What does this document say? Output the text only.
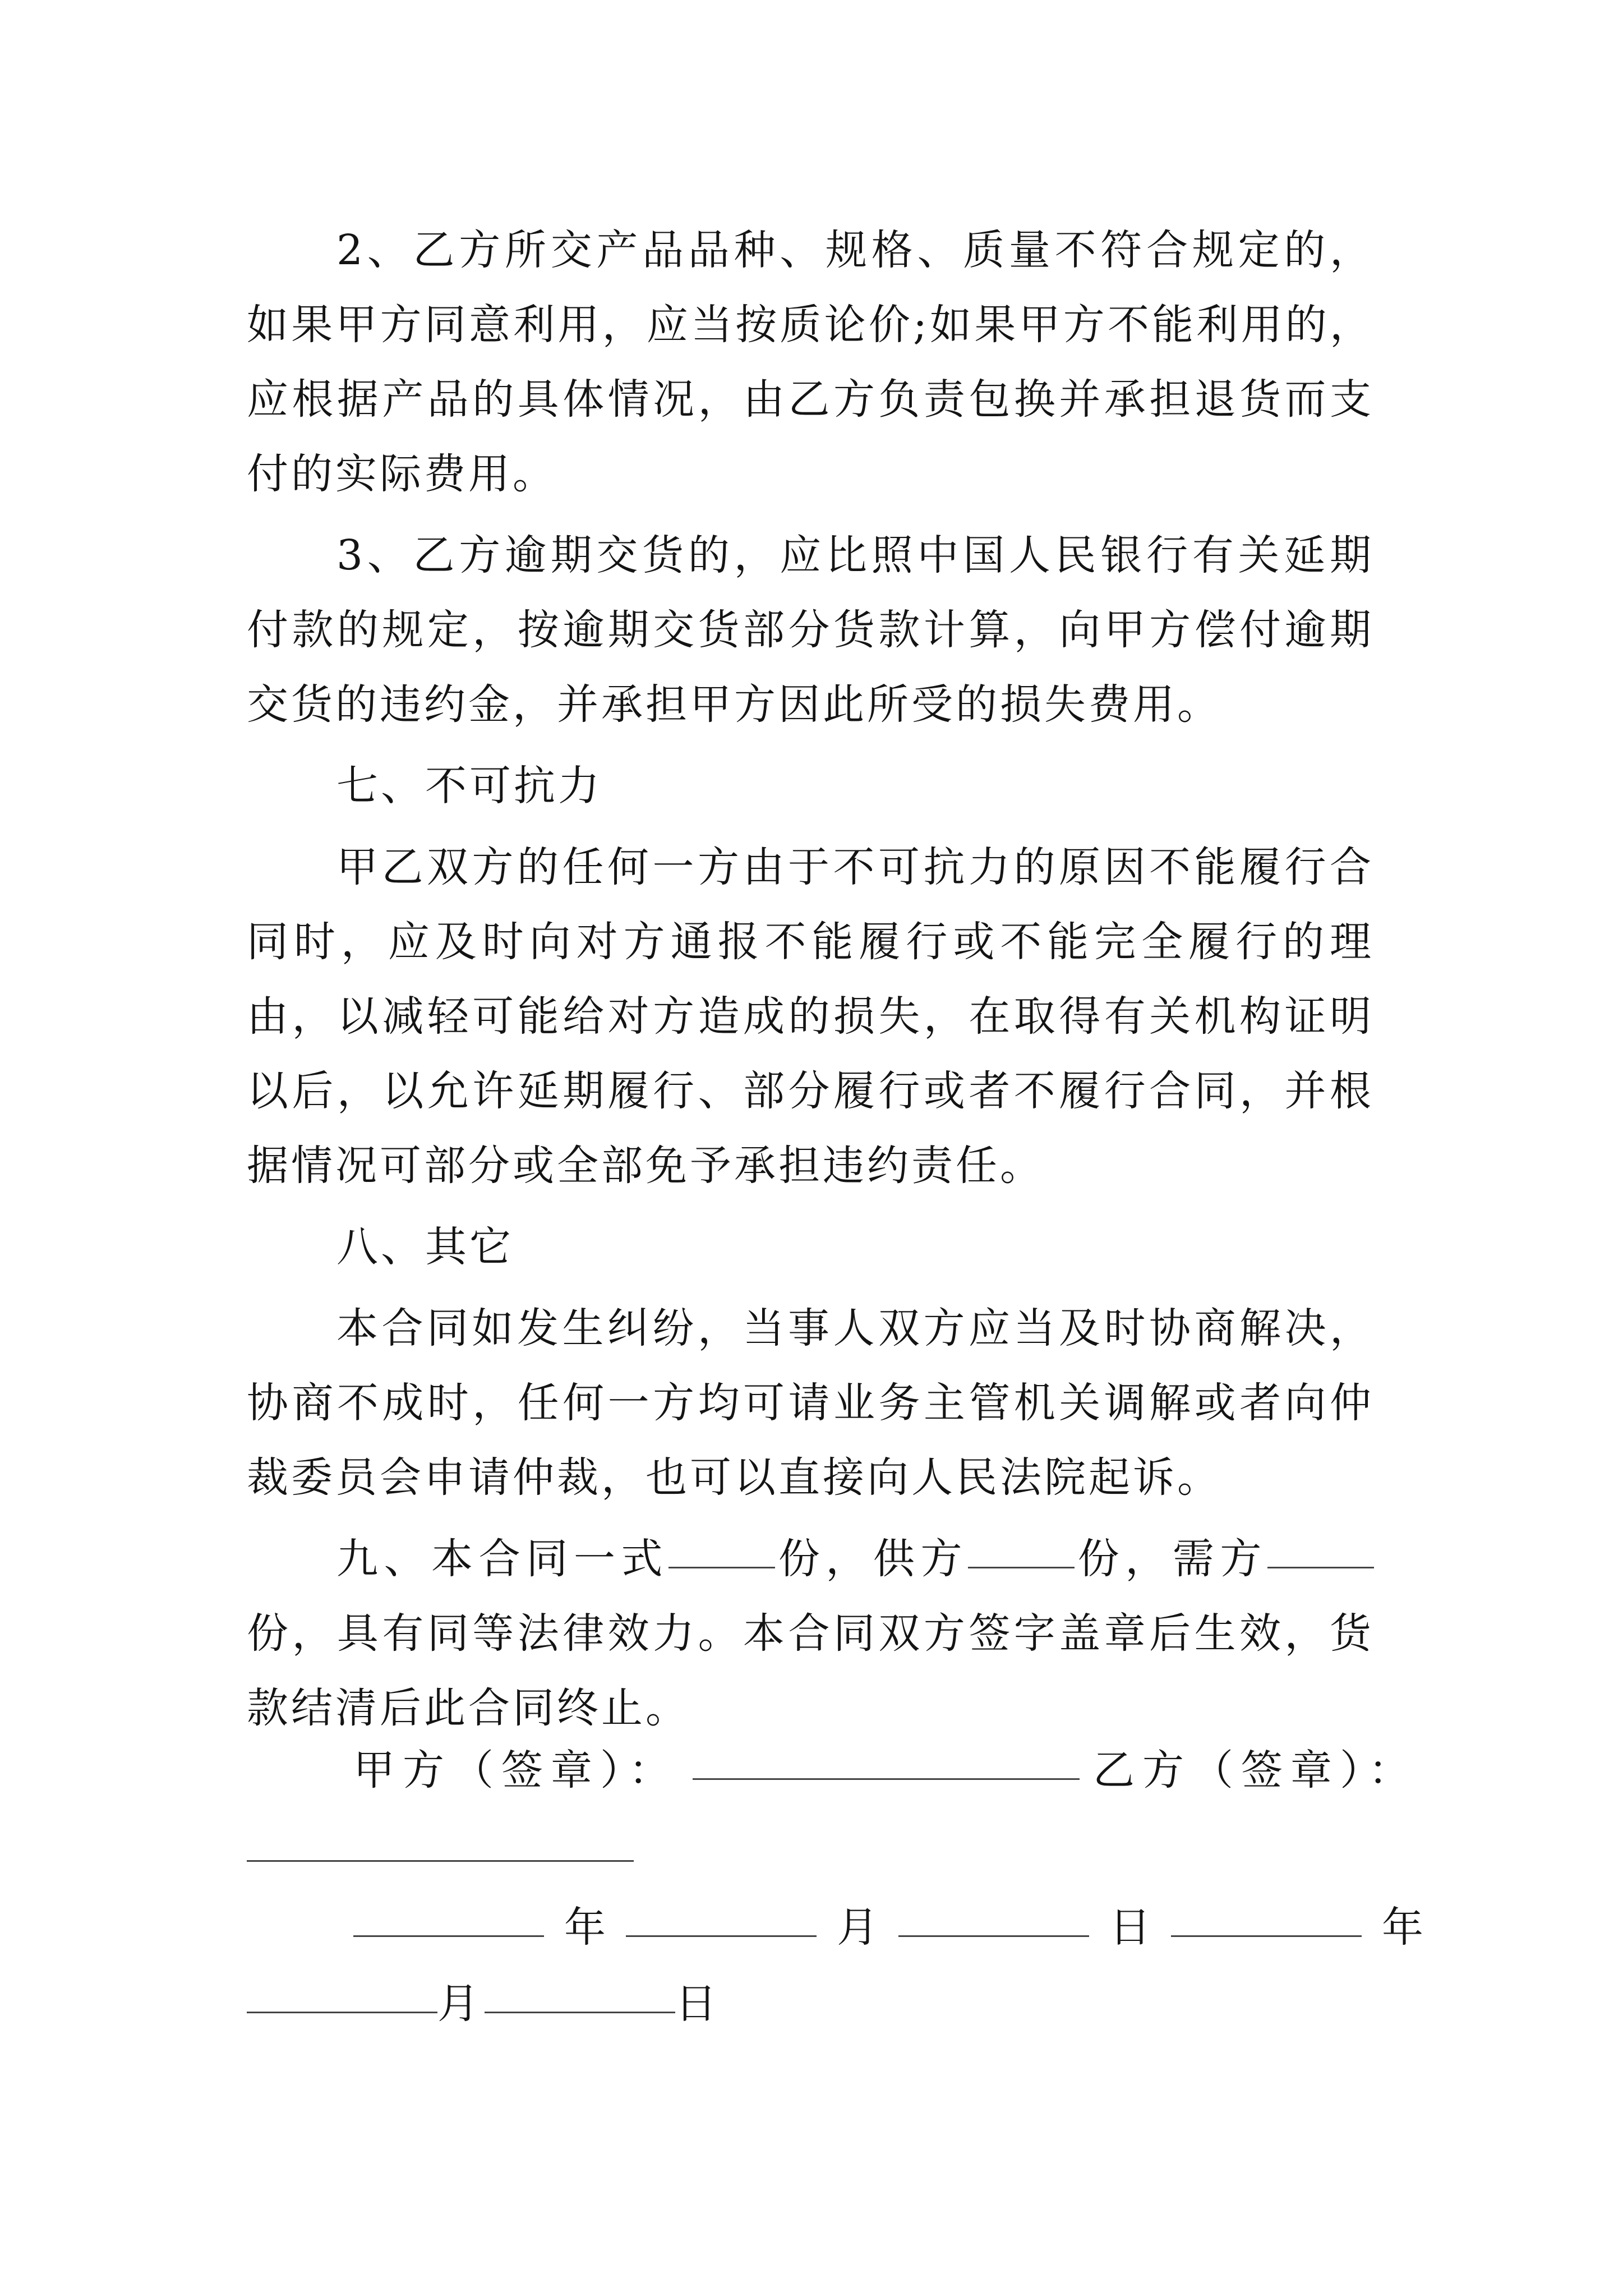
2、乙方所交产品品种、规格、质量不符合规定的，如果甲方同意利用，应当按质论价;如果甲方不能利用的，应根据产品的具体情况，由乙方负责包换并承担退货而支付的实际费用。

3、乙方逾期交货的，应比照中国人民银行有关延期付款的规定，按逾期交货部分货款计算，向甲方偿付逾期交货的违约金，并承担甲方因此所受的损失费用。

七、不可抗力

甲乙双方的任何一方由于不可抗力的原因不能履行合同时，应及时向对方通报不能履行或不能完全履行的理由，以减轻可能给对方造成的损失，在取得有关机构证明以后，以允许延期履行、部分履行或者不履行合同，并根据情况可部分或全部免予承担违约责任。

八、其它

本合同如发生纠纷，当事人双方应当及时协商解决，协商不成时，任何一方均可请业务主管机关调解或者向仲裁委员会申请仲裁，也可以直接向人民法院起诉。

九、本合同一式	份，供方	份，需方份，具有同等法律效力。本合同双方签字盖章后生效，货款结清后此合同终止。

甲方（签章）：	乙方（签章）：
年	月	日	年
月	日
